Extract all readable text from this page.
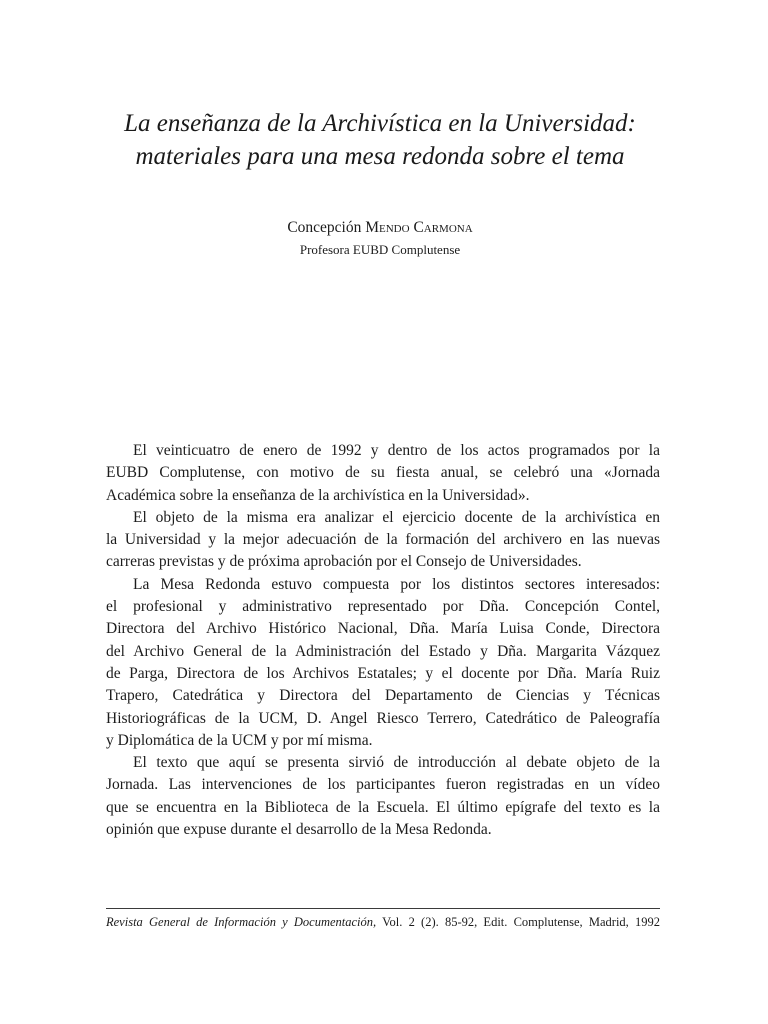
La enseñanza de la Archivística en la Universidad:
materiales para una mesa redonda sobre el tema
Concepción Mendo Carmona
Profesora EUBD Complutense

El veinticuatro de enero de 1992 y dentro de los actos programados por la
EUBD Complutense, con motivo de su fiesta anual, se celebró una «Jornada
Académica sobre la enseñanza de la archivística en la Universidad».

El objeto de la misma era analizar el ejercicio docente de la archivística en
la Universidad y la mejor adecuación de la formación del archivero en las nuevas
carreras previstas y de próxima aprobación por el Consejo de Universidades.

La Mesa Redonda estuvo compuesta por los distintos sectores interesados:
el profesional y administrativo representado por Dña. Concepción Contel,
Directora del Archivo Histórico Nacional, Dña. María Luisa Conde, Directora
del Archivo General de la Administración del Estado y Dña. Margarita Vázquez
de Parga, Directora de los Archivos Estatales; y el docente por Dña. María Ruiz
Trapero, Catedrática y Directora del Departamento de Ciencias y Técnicas
Historiográficas de la UCM, D. Angel Riesco Terrero, Catedrático de Paleografía
y Diplomática de la UCM y por mí misma.

El texto que aquí se presenta sirvió de introducción al debate objeto de la
Jornada. Las intervenciones de los participantes fueron registradas en un vídeo
que se encuentra en la Biblioteca de la Escuela. El último epígrafe del texto es la
opinión que expuse durante el desarrollo de la Mesa Redonda.

Revista General de Información y Documentación, Vol. 2 (2). 85-92, Edit. Complutense, Madrid, 1992
